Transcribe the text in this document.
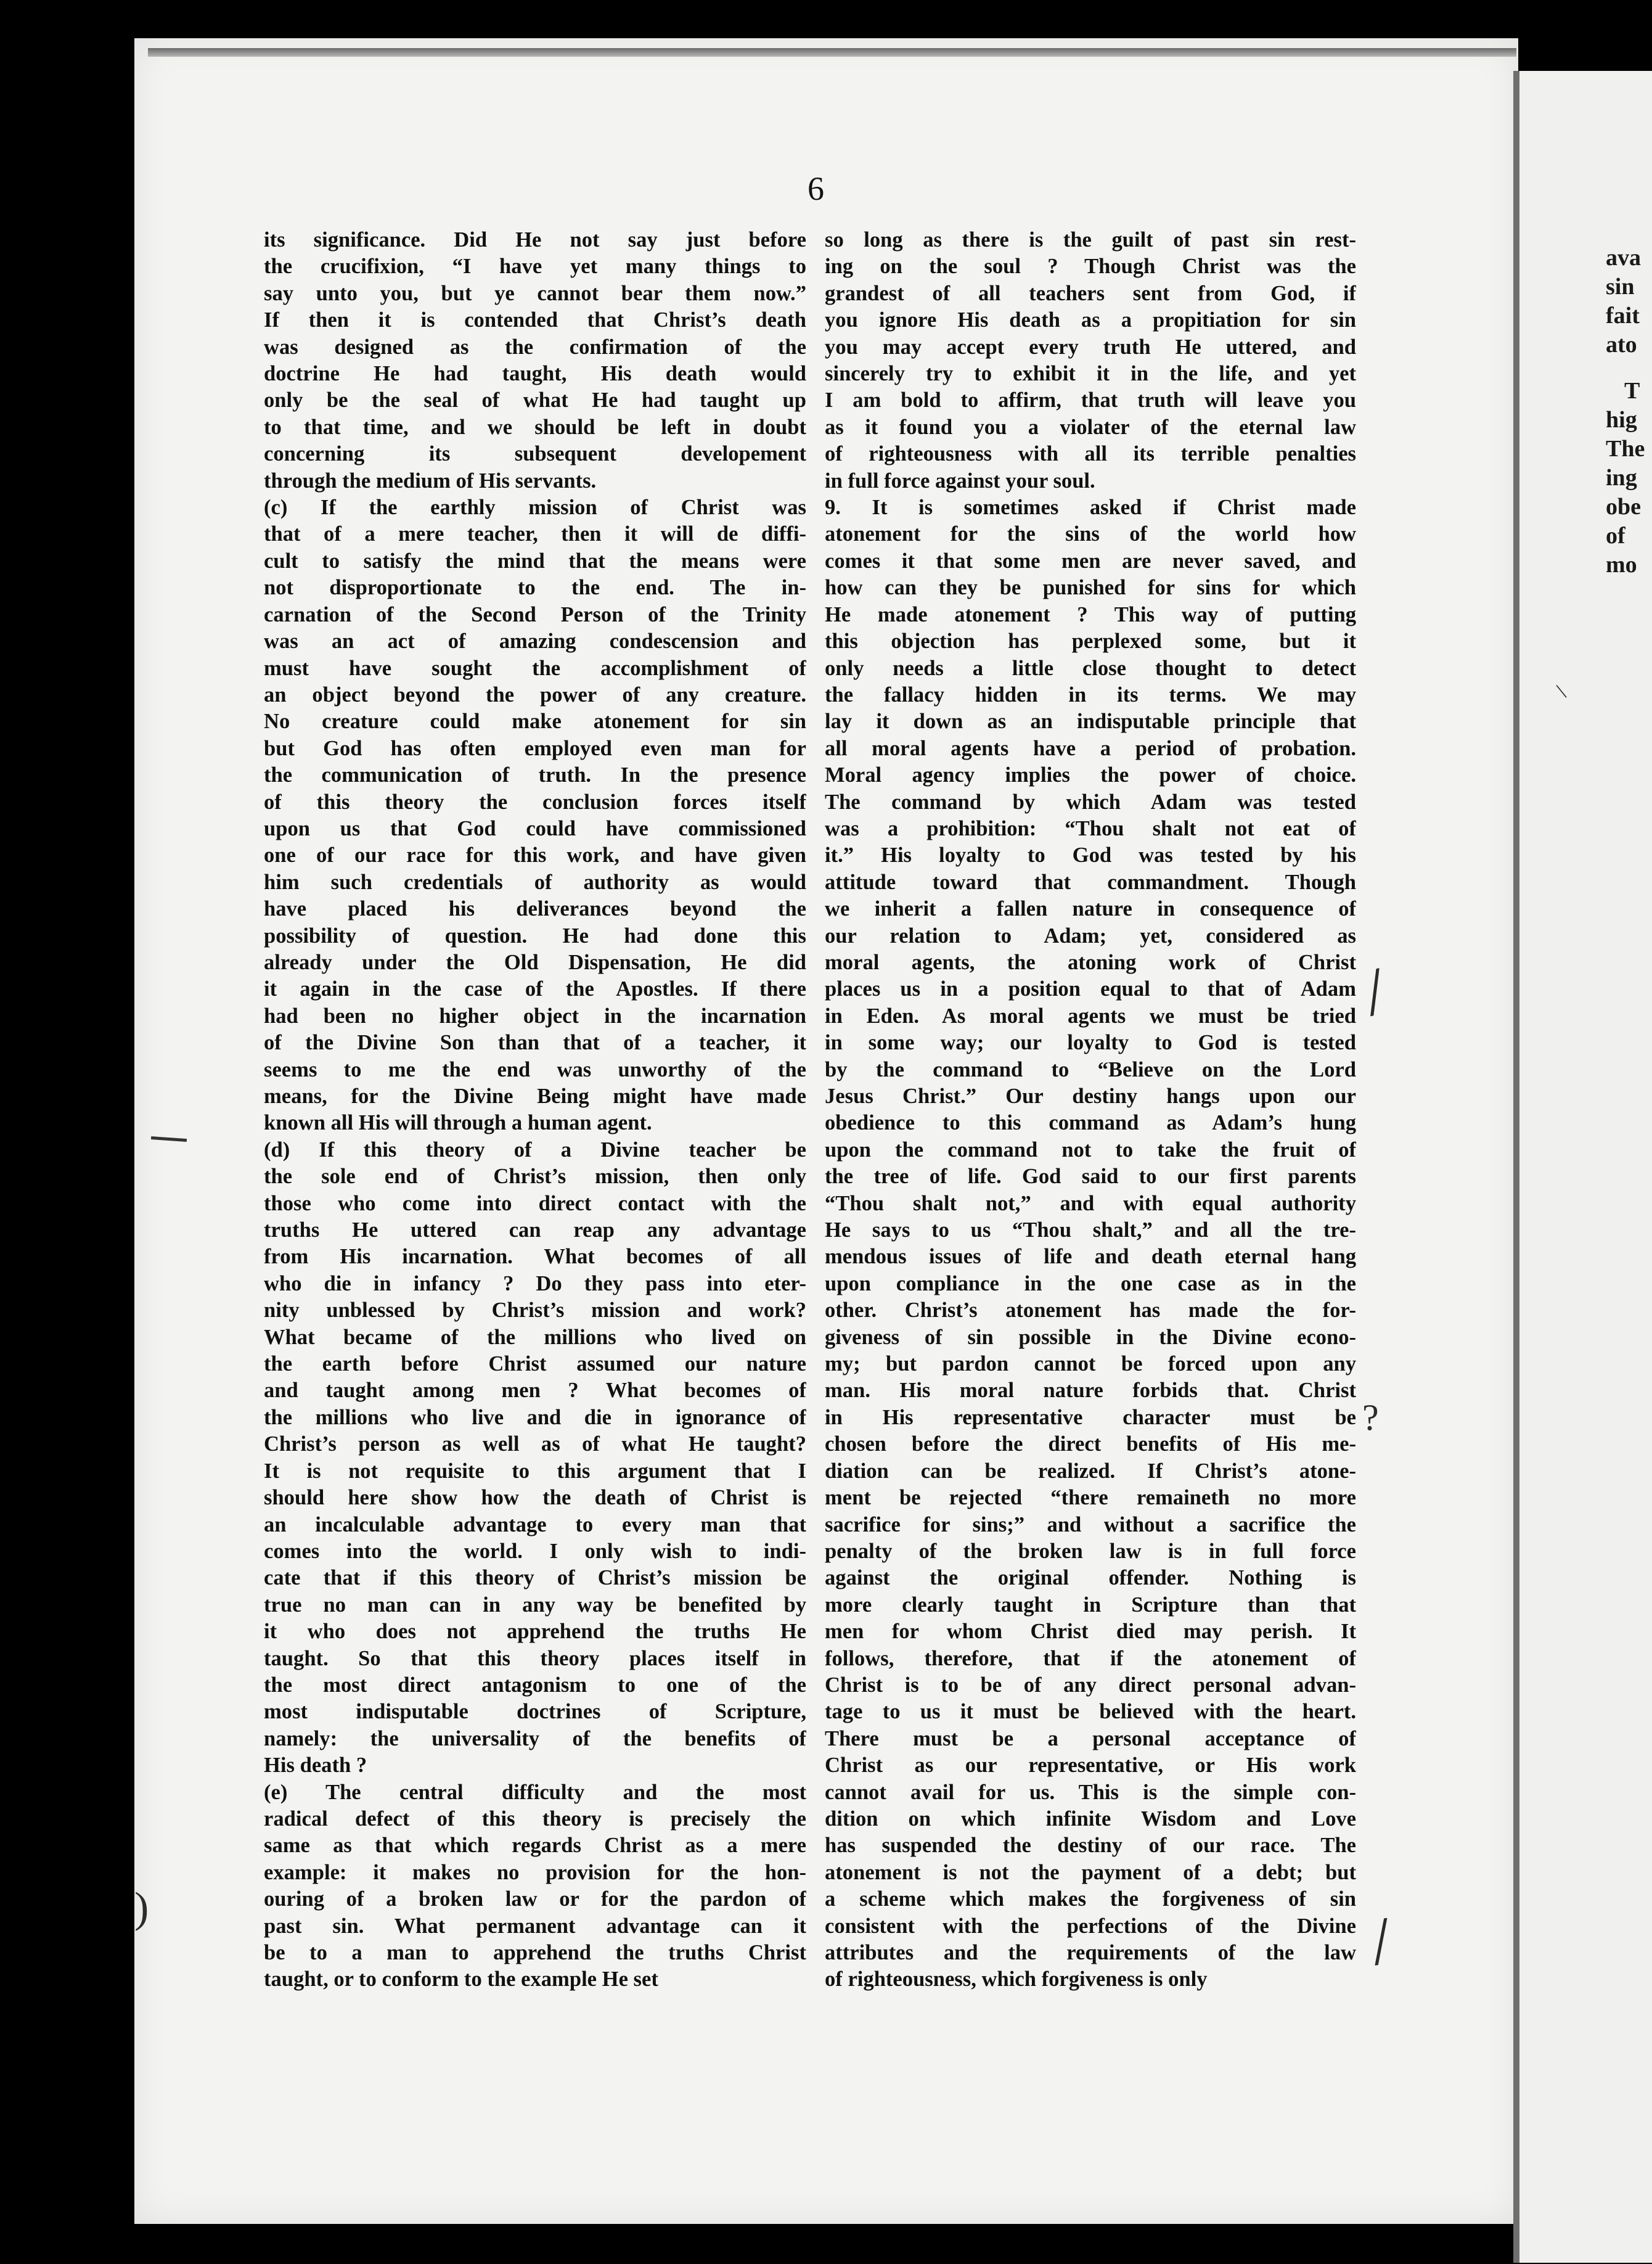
ava
sin
fait
ato
T
hig
The
ing
obe
of
mo
6
its significance. Did He not say just before
the crucifixion, “I have yet many things to
say unto you, but ye cannot bear them now.”
If then it is contended that Christ’s death
was designed as the confirmation of the
doctrine He had taught, His death would
only be the seal of what He had taught up
to that time, and we should be left in doubt
concerning its subsequent developement
through the medium of His servants.
(c) If the earthly mission of Christ was
that of a mere teacher, then it will de diffi-
cult to satisfy the mind that the means were
not disproportionate to the end. The in-
carnation of the Second Person of the Trinity
was an act of amazing condescension and
must have sought the accomplishment of
an object beyond the power of any creature.
No creature could make atonement for sin
but God has often employed even man for
the communication of truth. In the presence
of this theory the conclusion forces itself
upon us that God could have commissioned
one of our race for this work, and have given
him such credentials of authority as would
have placed his deliverances beyond the
possibility of question. He had done this
already under the Old Dispensation, He did
it again in the case of the Apostles. If there
had been no higher object in the incarnation
of the Divine Son than that of a teacher, it
seems to me the end was unworthy of the
means, for the Divine Being might have made
known all His will through a human agent.
(d) If this theory of a Divine teacher be
the sole end of Christ’s mission, then only
those who come into direct contact with the
truths He uttered can reap any advantage
from His incarnation. What becomes of all
who die in infancy ? Do they pass into eter-
nity unblessed by Christ’s mission and work?
What became of the millions who lived on
the earth before Christ assumed our nature
and taught among men ? What becomes of
the millions who live and die in ignorance of
Christ’s person as well as of what He taught?
It is not requisite to this argument that I
should here show how the death of Christ is
an incalculable advantage to every man that
comes into the world. I only wish to indi-
cate that if this theory of Christ’s mission be
true no man can in any way be benefited by
it who does not apprehend the truths He
taught. So that this theory places itself in
the most direct antagonism to one of the
most indisputable doctrines of Scripture,
namely: the universality of the benefits of
His death ?
(e) The central difficulty and the most
radical defect of this theory is precisely the
same as that which regards Christ as a mere
example: it makes no provision for the hon-
ouring of a broken law or for the pardon of
past sin. What permanent advantage can it
be to a man to apprehend the truths Christ
taught, or to conform to the example He set
so long as there is the guilt of past sin rest-
ing on the soul ? Though Christ was the
grandest of all teachers sent from God, if
you ignore His death as a propitiation for sin
you may accept every truth He uttered, and
sincerely try to exhibit it in the life, and yet
I am bold to affirm, that truth will leave you
as it found you a violater of the eternal law
of righteousness with all its terrible penalties
in full force against your soul.
9. It is sometimes asked if Christ made
atonement for the sins of the world how
comes it that some men are never saved, and
how can they be punished for sins for which
He made atonement ? This way of putting
this objection has perplexed some, but it
only needs a little close thought to detect
the fallacy hidden in its terms. We may
lay it down as an indisputable principle that
all moral agents have a period of probation.
Moral agency implies the power of choice.
The command by which Adam was tested
was a prohibition: “Thou shalt not eat of
it.” His loyalty to God was tested by his
attitude toward that commandment. Though
we inherit a fallen nature in consequence of
our relation to Adam; yet, considered as
moral agents, the atoning work of Christ
places us in a position equal to that of Adam
in Eden. As moral agents we must be tried
in some way; our loyalty to God is tested
by the command to “Believe on the Lord
Jesus Christ.” Our destiny hangs upon our
obedience to this command as Adam’s hung
upon the command not to take the fruit of
the tree of life. God said to our first parents
“Thou shalt not,” and with equal authority
He says to us “Thou shalt,” and all the tre-
mendous issues of life and death eternal hang
upon compliance in the one case as in the
other. Christ’s atonement has made the for-
giveness of sin possible in the Divine econo-
my; but pardon cannot be forced upon any
man. His moral nature forbids that. Christ
in His representative character must be
chosen before the direct benefits of His me-
diation can be realized. If Christ’s atone-
ment be rejected “there remaineth no more
sacrifice for sins;” and without a sacrifice the
penalty of the broken law is in full force
against the original offender. Nothing is
more clearly taught in Scripture than that
men for whom Christ died may perish. It
follows, therefore, that if the atonement of
Christ is to be of any direct personal advan-
tage to us it must be believed with the heart.
There must be a personal acceptance of
Christ as our representative, or His work
cannot avail for us. This is the simple con-
dition on which infinite Wisdom and Love
has suspended the destiny of our race. The
atonement is not the payment of a debt; but
a scheme which makes the forgiveness of sin
consistent with the perfections of the Divine
attributes and the requirements of the law
of righteousness, which forgiveness is only
)
/
/
?
\
